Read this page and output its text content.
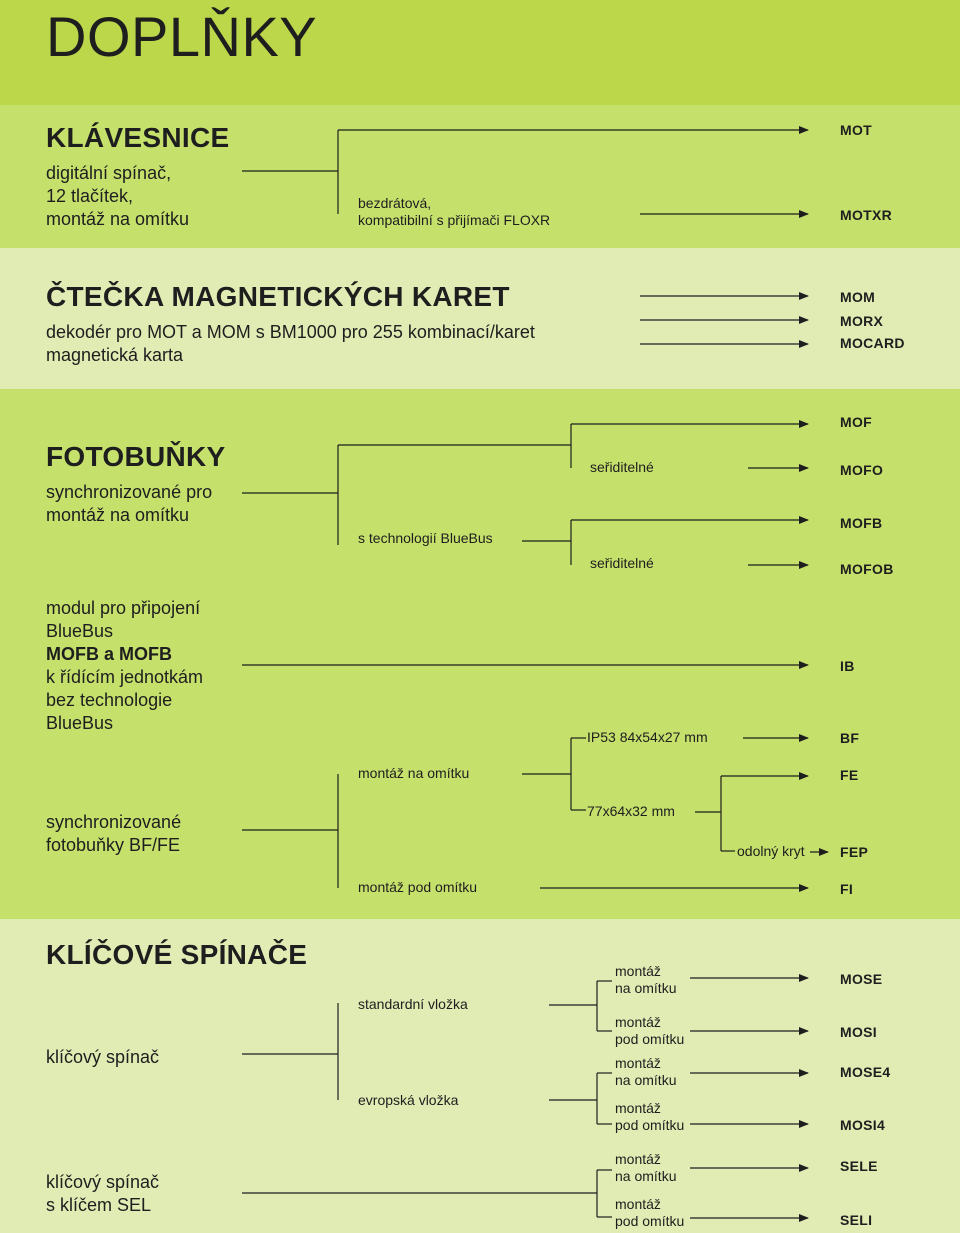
DOPLŇKY
KLÁVESNICE
digitální spínač,
12 tlačítek,
montáž na omítku
bezdrátová,
kompatibilní s přijímači FLOXR
MOT
MOTXR
ČTEČKA MAGNETICKÝCH KARET
dekodér pro MOT a MOM s BM1000 pro 255 kombinací/karet
magnetická karta
MOM
MORX
MOCARD
FOTOBUŇKY
synchronizované pro
montáž na omítku
s technologií BlueBus
seřiditelné
seřiditelné
MOF
MOFO
MOFB
MOFOB
modul pro připojení
BlueBus
MOFB a MOFB
k řídícím jednotkám
bez technologie
BlueBus
IB
synchronizované
fotobuňky BF/FE
montáž na omítku
montáž pod omítku
IP53 84x54x27 mm
77x64x32 mm
odolný kryt
BF
FE
FEP
FI
KLÍČOVÉ SPÍNAČE
klíčový spínač
klíčový spínač
s klíčem SEL
standardní vložka
evropská vložka
montáž
na omítku
montáž
pod omítku
montáž
na omítku
montáž
pod omítku
montáž
na omítku
montáž
pod omítku
MOSE
MOSI
MOSE4
MOSI4
SELE
SELI
